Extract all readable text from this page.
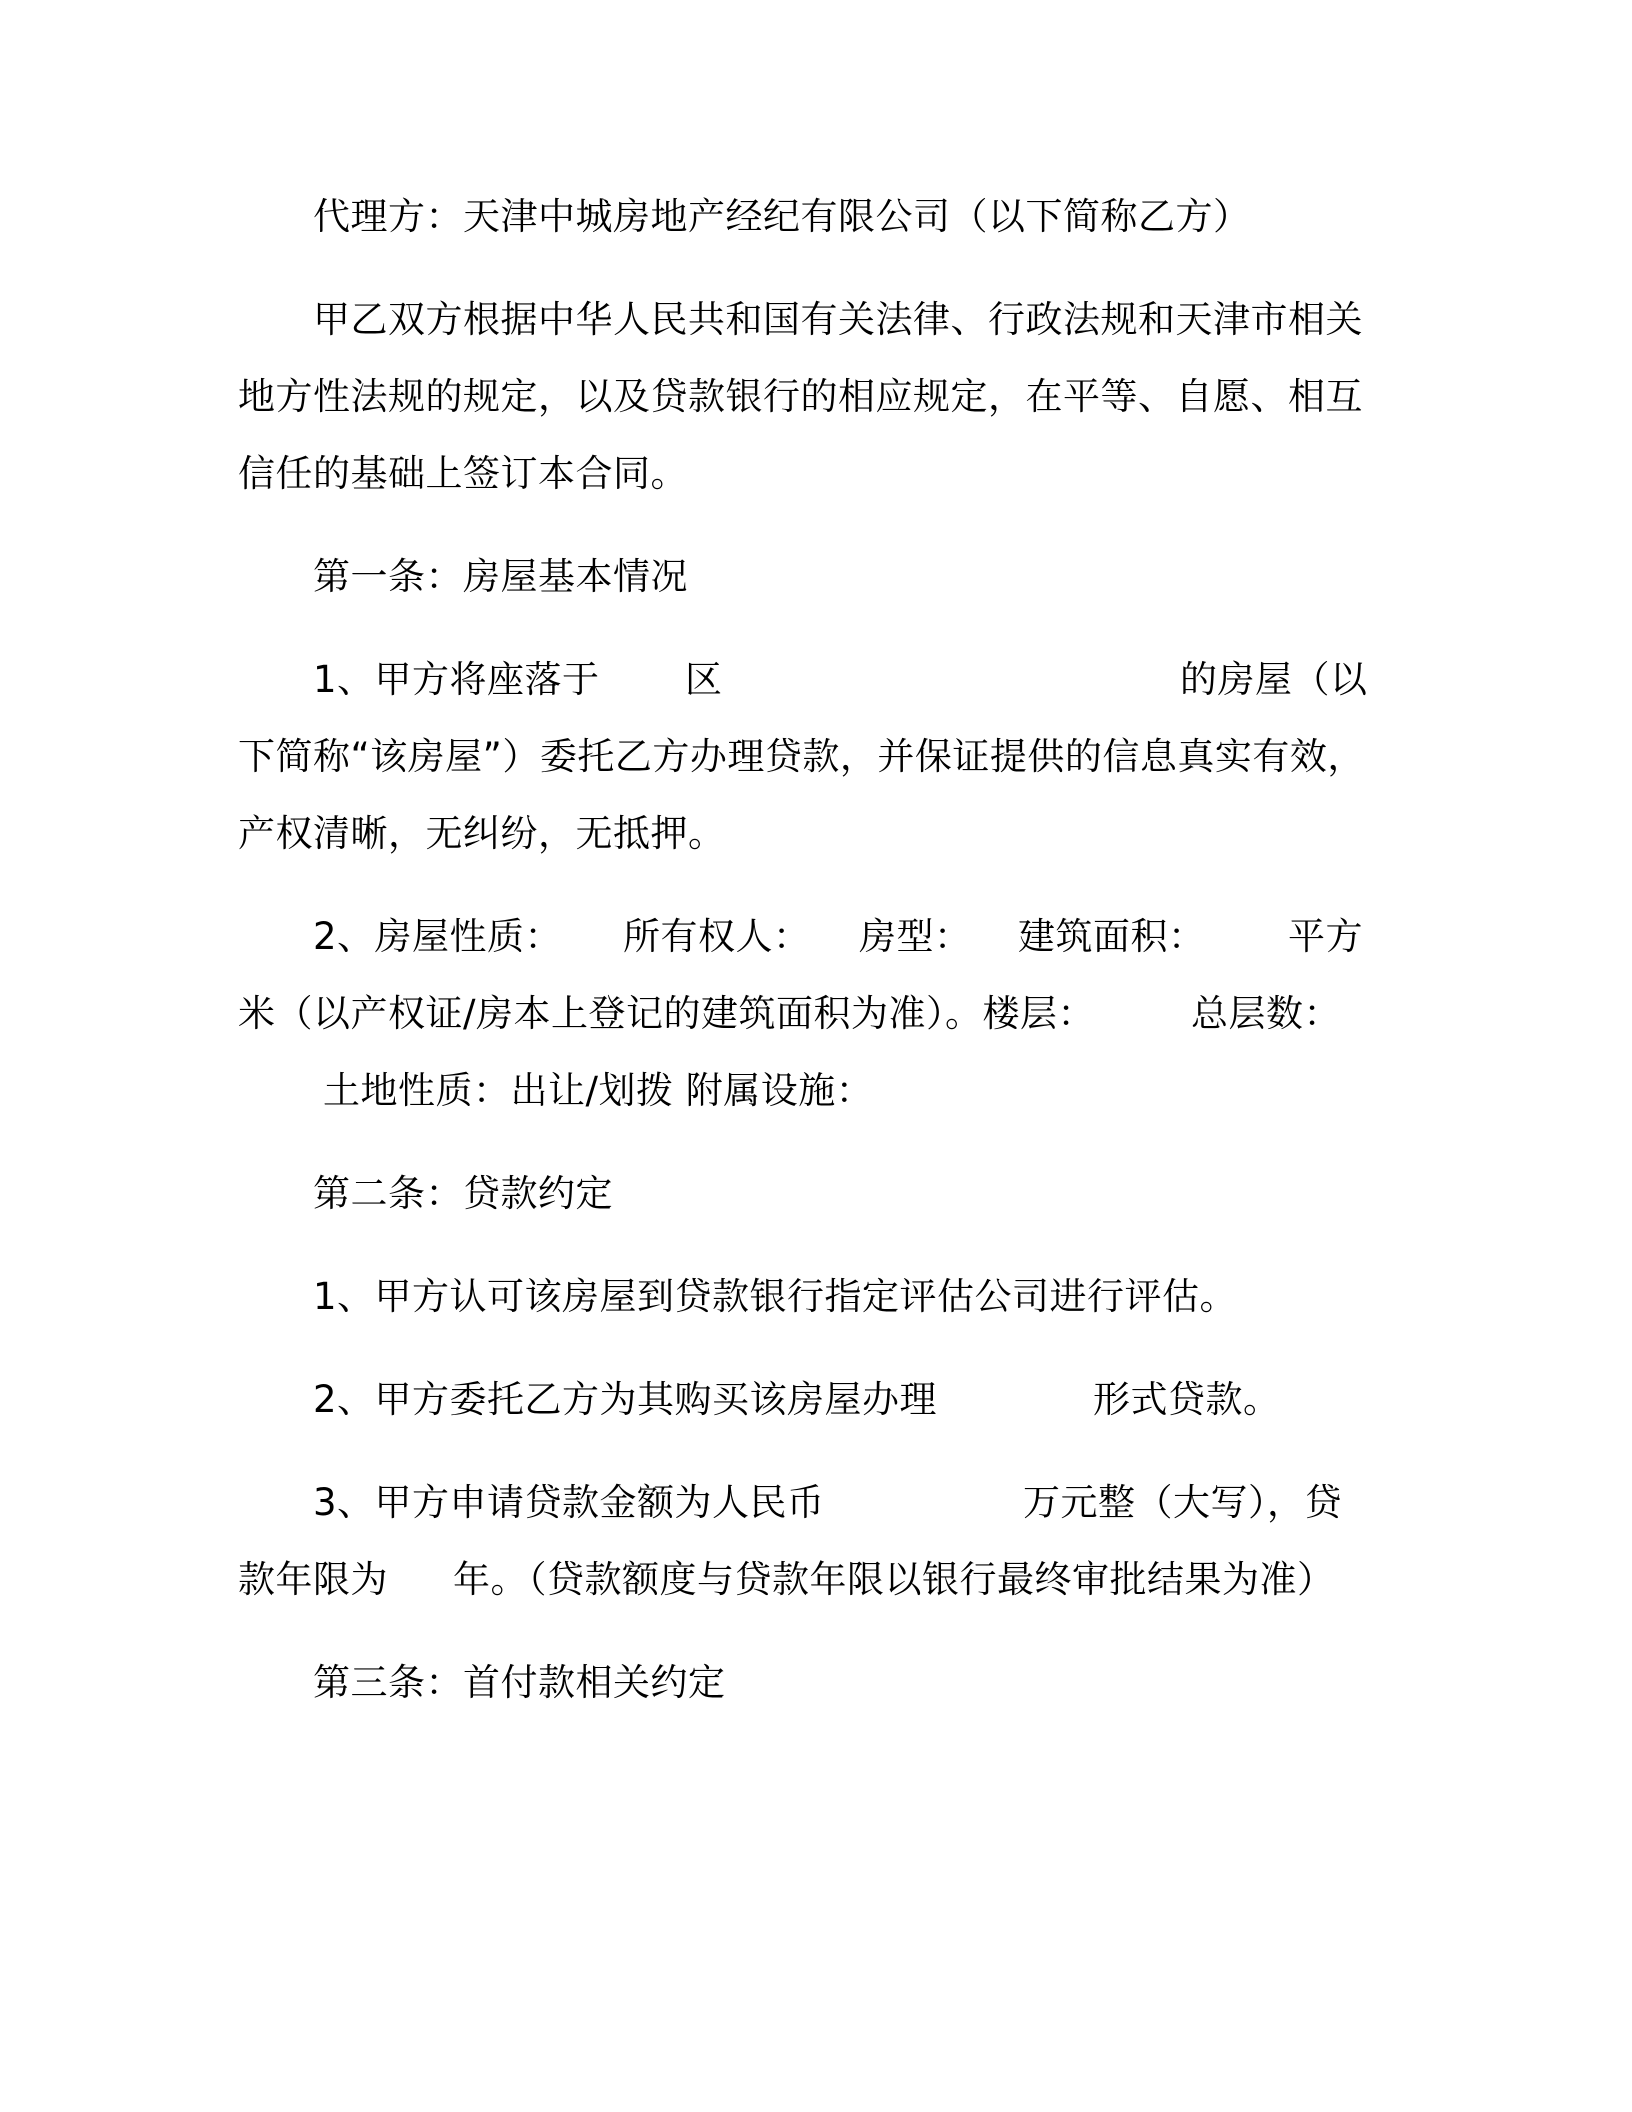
代理方：天津中城房地产经纪有限公司（以下简称乙方）
甲乙双方根据中华人民共和国有关法律、行政法规和天津市相关
地方性法规的规定，以及贷款银行的相应规定，在平等、自愿、相互
信任的基础上签订本合同。
第一条：房屋基本情况
1、甲方将座落于 区	的房屋（以
下简称“该房屋”）委托乙方办理贷款，并保证提供的信息真实有效，
产权清晰，无纠纷，无抵押。
2、房屋性质： 所有权人： 房型： 建筑面积： 平方
米（以产权证/房本上登记的建筑面积为准）。楼层：	总层数：
土地性质：出让/划拨 附属设施：
第二条：贷款约定
1、甲方认可该房屋到贷款银行指定评估公司进行评估。
2、甲方委托乙方为其购买该房屋办理	形式贷款。
3、甲方申请贷款金额为人民币	万元整（大写），贷
款年限为 年。（贷款额度与贷款年限以银行最终审批结果为准）
第三条：首付款相关约定
